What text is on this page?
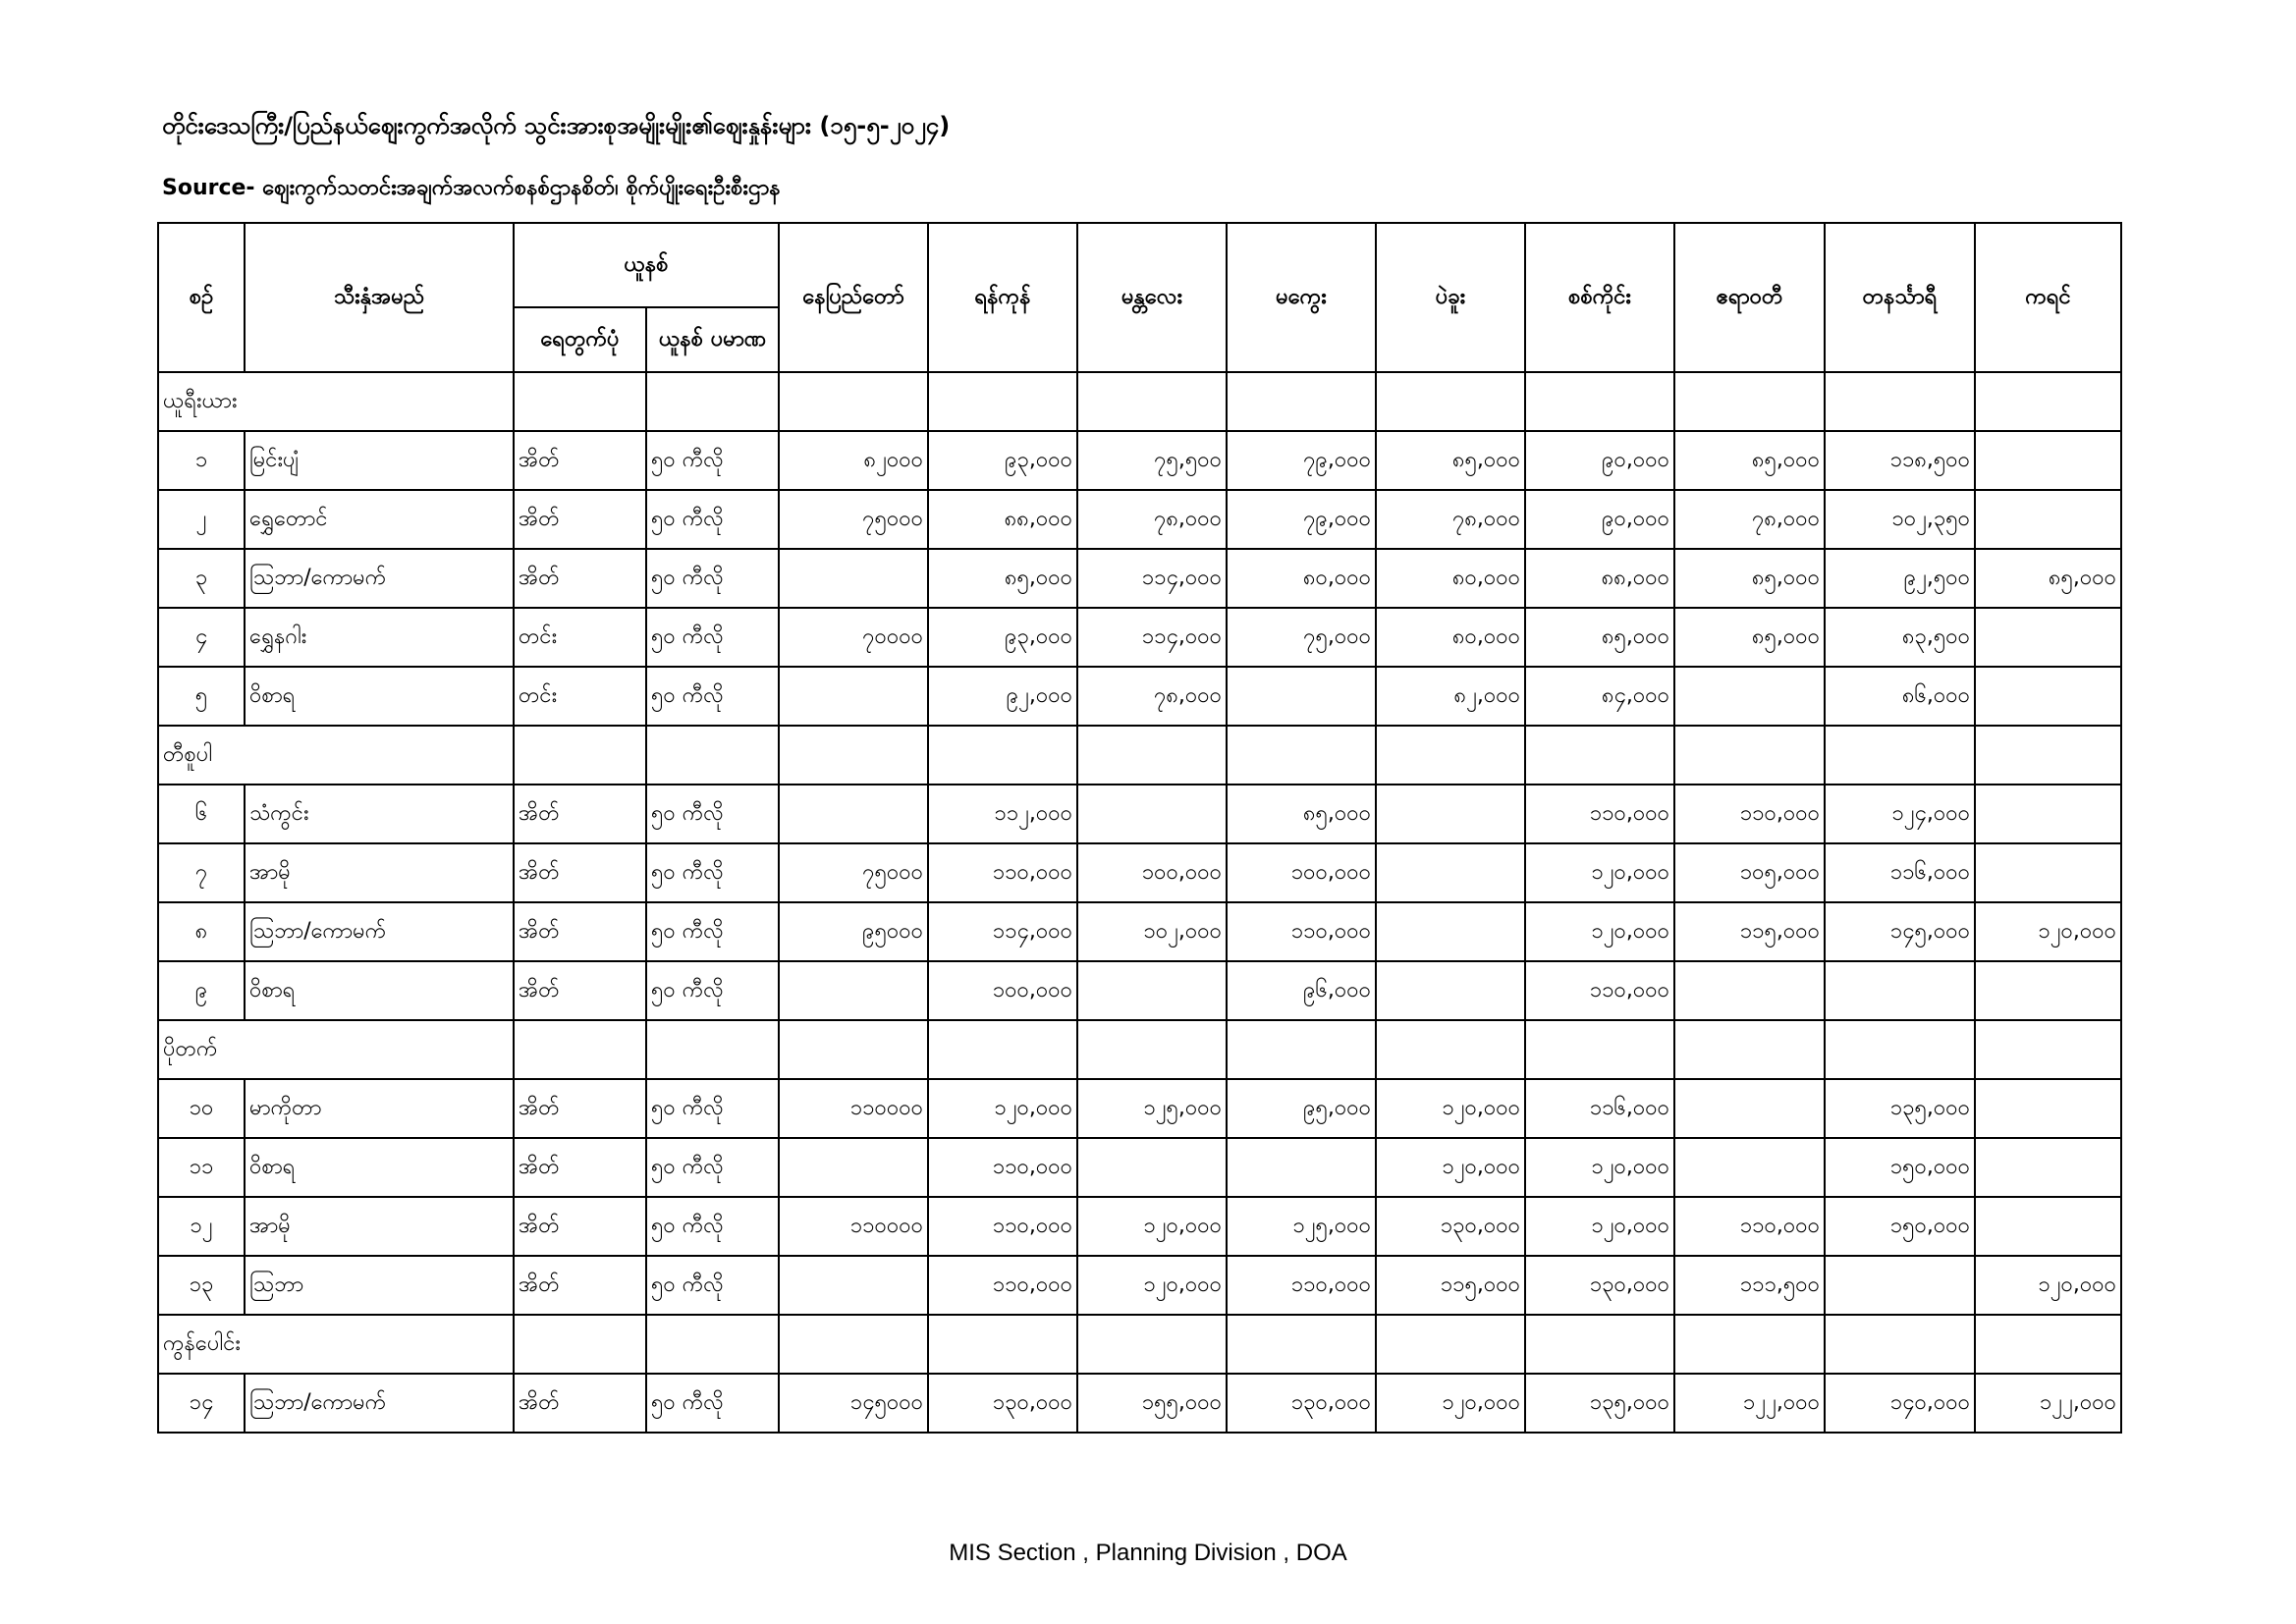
တိုင်းဒေသကြီး/ပြည်နယ်ဈေးကွက်အလိုက် သွင်းအားစုအမျိုးမျိုး၏ဈေးနှုန်းများ (၁၅-၅-၂၀၂၄)
Source- ဈေးကွက်သတင်းအချက်အလက်စနစ်ဌာနစိတ်၊ စိုက်ပျိုးရေးဦးစီးဌာန
စဉ်	သီးနှံအမည်	ယူနစ်		နေပြည်တော်	ရန်ကုန်	မန္တလေး	မကွေး	ပဲခူး	စစ်ကိုင်း	ဧရာဝတီ	တနင်္သာရီ	ကရင်
		ရေတွက်ပုံ	ယူနစ် ပမာဏ									
ယူရီးယား												
၁	မြင်းပျံ	အိတ်	၅၀ ကီလို	၈၂၀၀၀	၉၃,၀၀၀	၇၅,၅၀၀	၇၉,၀၀၀	၈၅,၀၀၀	၉၀,၀၀၀	၈၅,၀၀၀	၁၁၈,၅၀၀	
၂	ရွှေတောင်	အိတ်	၅၀ ကီလို	၇၅၀၀၀	၈၈,၀၀၀	၇၈,၀၀၀	၇၉,၀၀၀	၇၈,၀၀၀	၉၀,၀၀၀	၇၈,၀၀၀	၁၀၂,၃၅၀	
၃	ဩဘာ/ကောမက်	အိတ်	၅၀ ကီလို		၈၅,၀၀၀	၁၁၄,၀၀၀	၈၀,၀၀၀	၈၀,၀၀၀	၈၈,၀၀၀	၈၅,၀၀၀	၉၂,၅၀၀	၈၅,၀၀၀
၄	ရွှေနဂါး	တင်း	၅၀ ကီလို	၇၀၀၀၀	၉၃,၀၀၀	၁၁၄,၀၀၀	၇၅,၀၀၀	၈၀,၀၀၀	၈၅,၀၀၀	၈၅,၀၀၀	၈၃,၅၀၀	
၅	ဝိစာရ	တင်း	၅၀ ကီလို		၉၂,၀၀၀	၇၈,၀၀၀		၈၂,၀၀၀	၈၄,၀၀၀		၈၆,၀၀၀	
တီစူပါ												
၆	သံကွင်း	အိတ်	၅၀ ကီလို		၁၁၂,၀၀၀		၈၅,၀၀၀		၁၁၀,၀၀၀	၁၁၀,၀၀၀	၁၂၄,၀၀၀	
၇	အာမို	အိတ်	၅၀ ကီလို	၇၅၀၀၀	၁၁၀,၀၀၀	၁၀၀,၀၀၀	၁၀၀,၀၀၀		၁၂၀,၀၀၀	၁၀၅,၀၀၀	၁၁၆,၀၀၀	
၈	ဩဘာ/ကောမက်	အိတ်	၅၀ ကီလို	၉၅၀၀၀	၁၁၄,၀၀၀	၁၀၂,၀၀၀	၁၁၀,၀၀၀		၁၂၀,၀၀၀	၁၁၅,၀၀၀	၁၄၅,၀၀၀	၁၂၀,၀၀၀
၉	ဝိစာရ	အိတ်	၅၀ ကီလို		၁၀၀,၀၀၀		၉၆,၀၀၀		၁၁၀,၀၀၀			
ပိုတက်												
၁၀	မာကိုတာ	အိတ်	၅၀ ကီလို	၁၁၀၀၀၀	၁၂၀,၀၀၀	၁၂၅,၀၀၀	၉၅,၀၀၀	၁၂၀,၀၀၀	၁၁၆,၀၀၀		၁၃၅,၀၀၀	
၁၁	ဝိစာရ	အိတ်	၅၀ ကီလို		၁၁၀,၀၀၀			၁၂၀,၀၀၀	၁၂၀,၀၀၀		၁၅၀,၀၀၀	
၁၂	အာမို	အိတ်	၅၀ ကီလို	၁၁၀၀၀၀	၁၁၀,၀၀၀	၁၂၀,၀၀၀	၁၂၅,၀၀၀	၁၃၀,၀၀၀	၁၂၀,၀၀၀	၁၁၀,၀၀၀	၁၅၀,၀၀၀	
၁၃	ဩဘာ	အိတ်	၅၀ ကီလို		၁၁၀,၀၀၀	၁၂၀,၀၀၀	၁၁၀,၀၀၀	၁၁၅,၀၀၀	၁၃၀,၀၀၀	၁၁၁,၅၀၀		၁၂၀,၀၀၀
ကွန်ပေါင်း												
၁၄	ဩဘာ/ကောမက်	အိတ်	၅၀ ကီလို	၁၄၅၀၀၀	၁၃၀,၀၀၀	၁၅၅,၀၀၀	၁၃၀,၀၀၀	၁၂၀,၀၀၀	၁၃၅,၀၀၀	၁၂၂,၀၀၀	၁၄၀,၀၀၀	၁၂၂,၀၀၀
MIS Section , Planning Division , DOA
